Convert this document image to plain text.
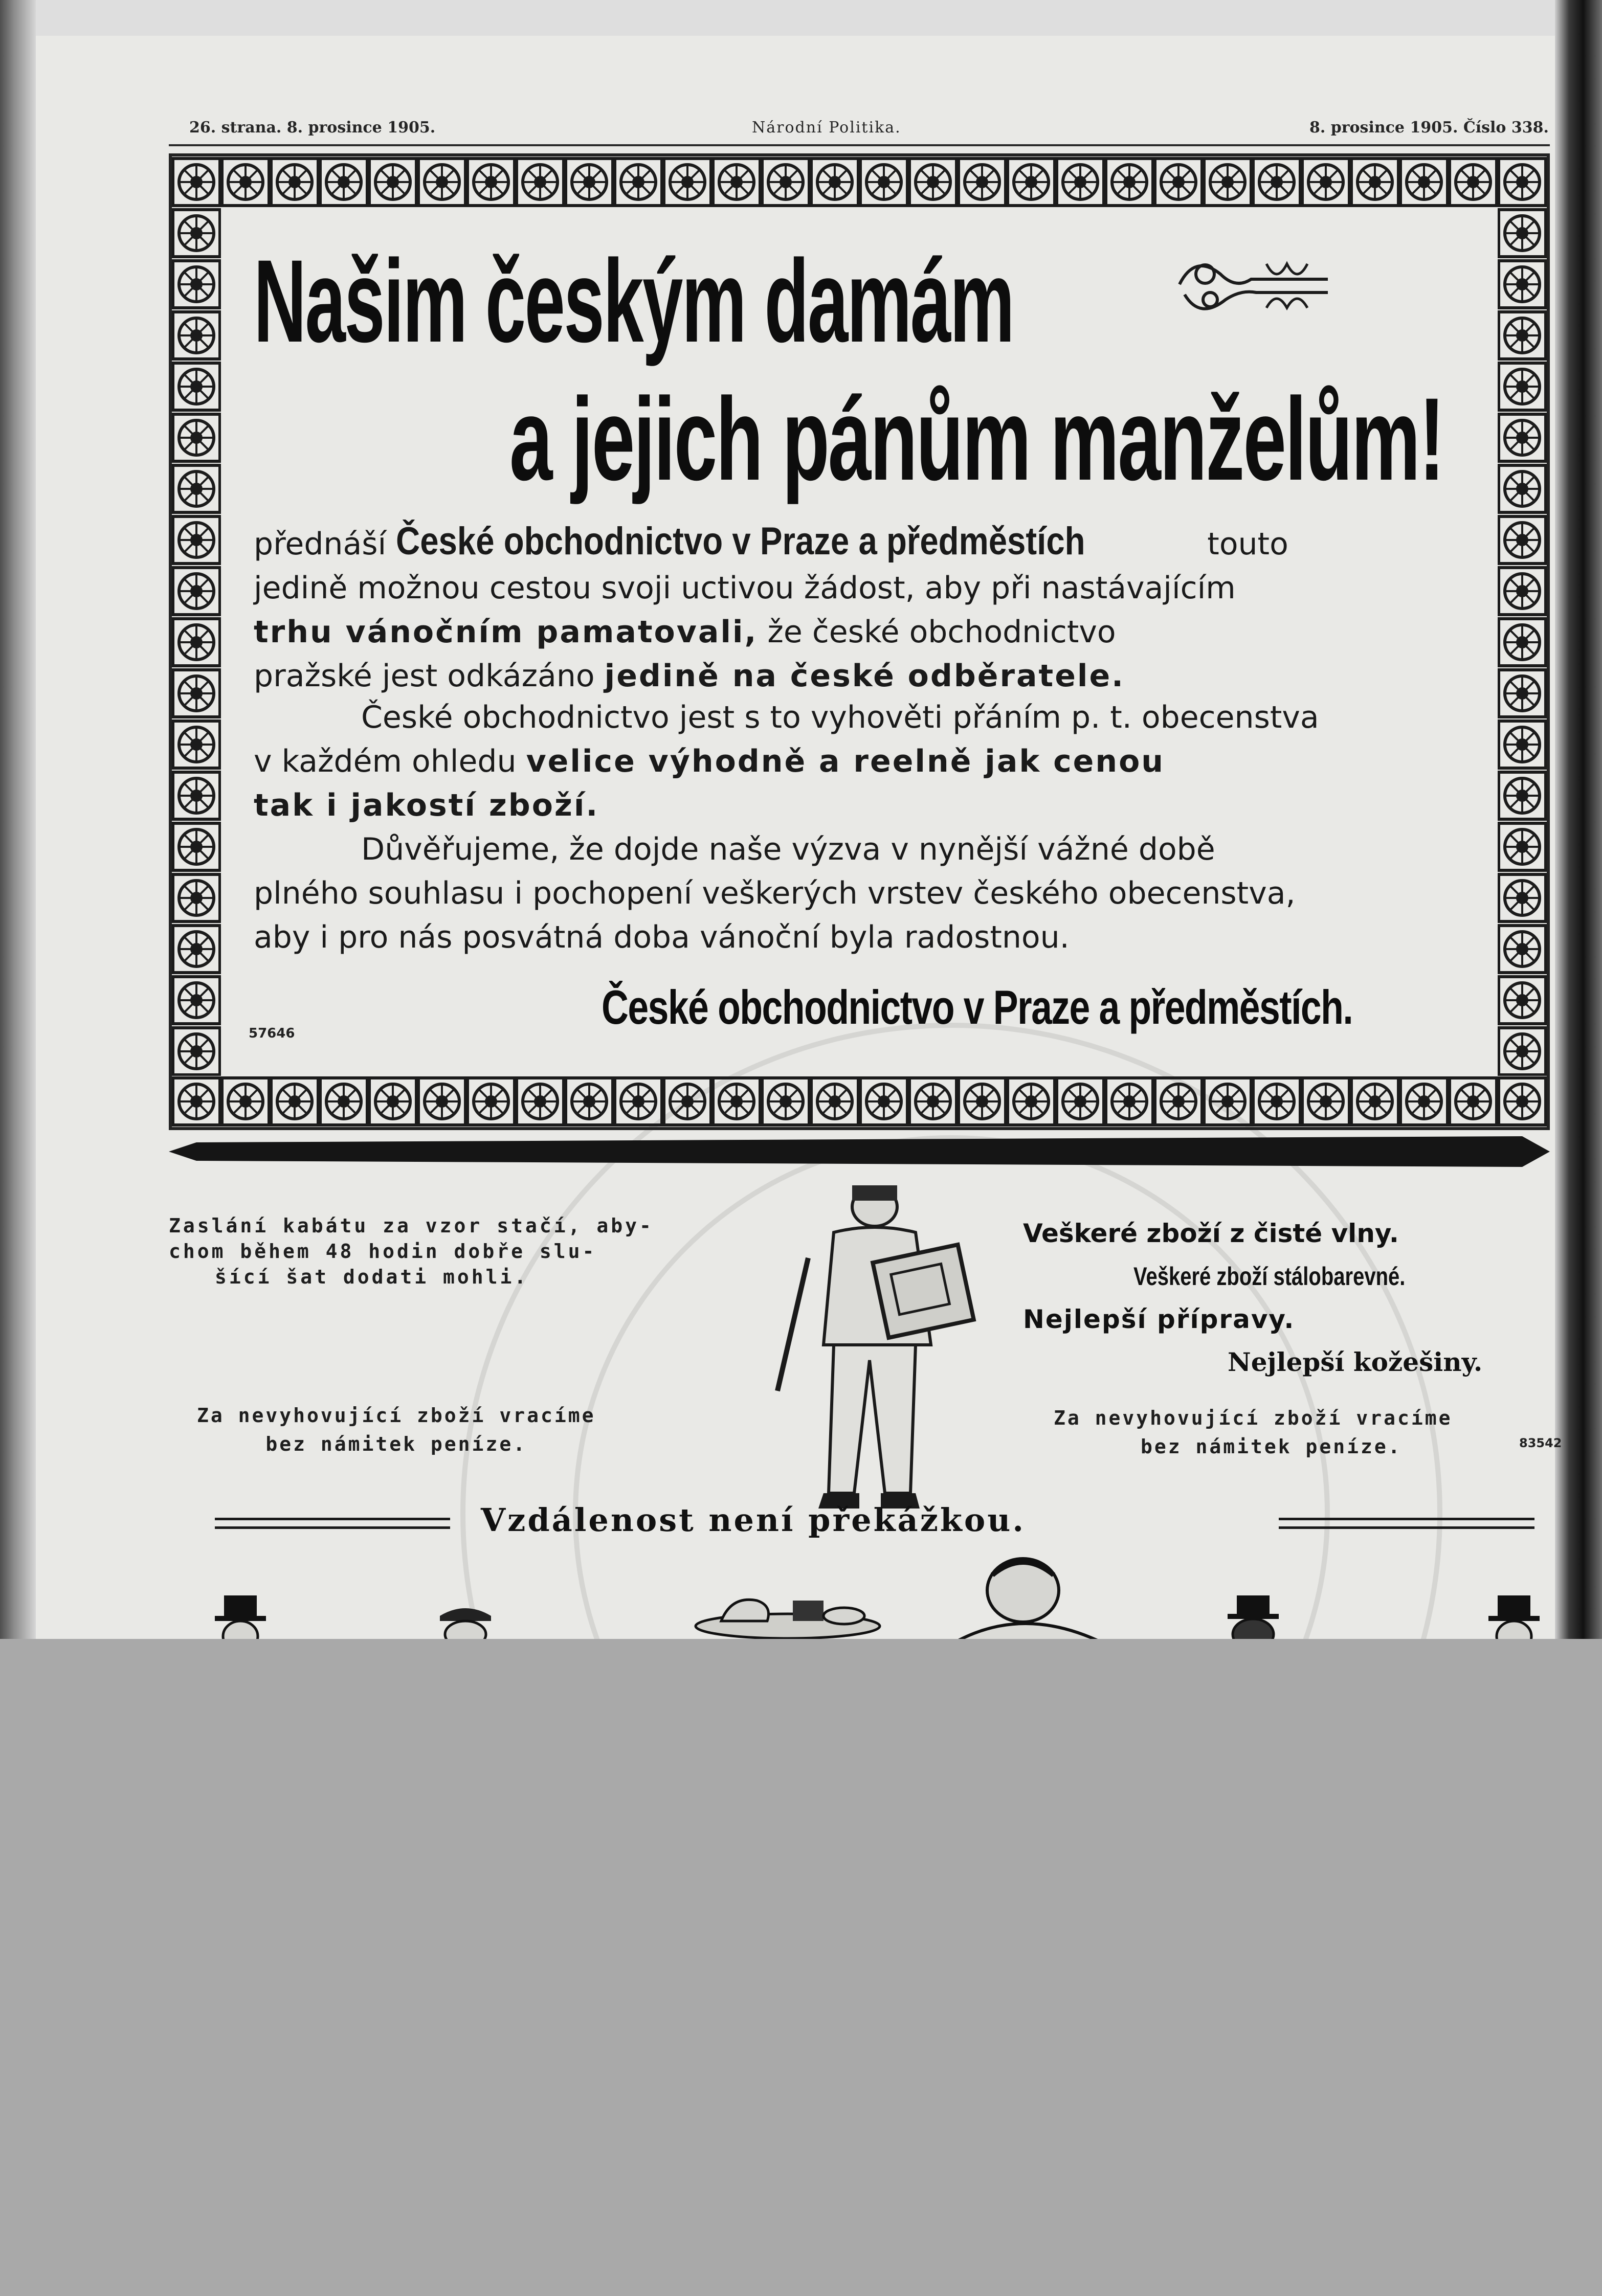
26. strana. 8. prosince 1905.	Národní Politika.	8. prosince 1905. Číslo 338.
Našim českým damám
a jejich pánům manželům!
přednáší České obchodnictvo v Praze a předměstích	touto
jedině možnou cestou svoji uctivou žádost, aby při nastávajícím
trhu vánočním pamatovali, že české obchodnictvo
pražské jest odkázáno jedině na české odběratele.
České obchodnictvo jest s to vyhověti přáním p. t. obecenstva
v každém ohledu velice výhodně a reelně jak cenou
tak i jakostí zboží.
Důvěřujeme, že dojde naše výzva v nynější vážné době
plného souhlasu i pochopení veškerých vrstev českého obecenstva,
aby i pro nás posvátná doba vánoční byla radostnou.
České obchodnictvo v Praze a předměstích.
57646
Zaslání kabátu za vzor stačí, aby-
chom během 48 hodin dobře slu-
šící šat dodati mohli.
Za nevyhovující zboží vracíme
bez námitek peníze.
Veškeré zboží z čisté vlny.
Veškeré zboží stálobarevné.
Nejlepší přípravy.
Nejlepší kožešiny.
Za nevyhovující zboží vracíme
bez námitek peníze.	83542
Vzdálenost není překážkou.
